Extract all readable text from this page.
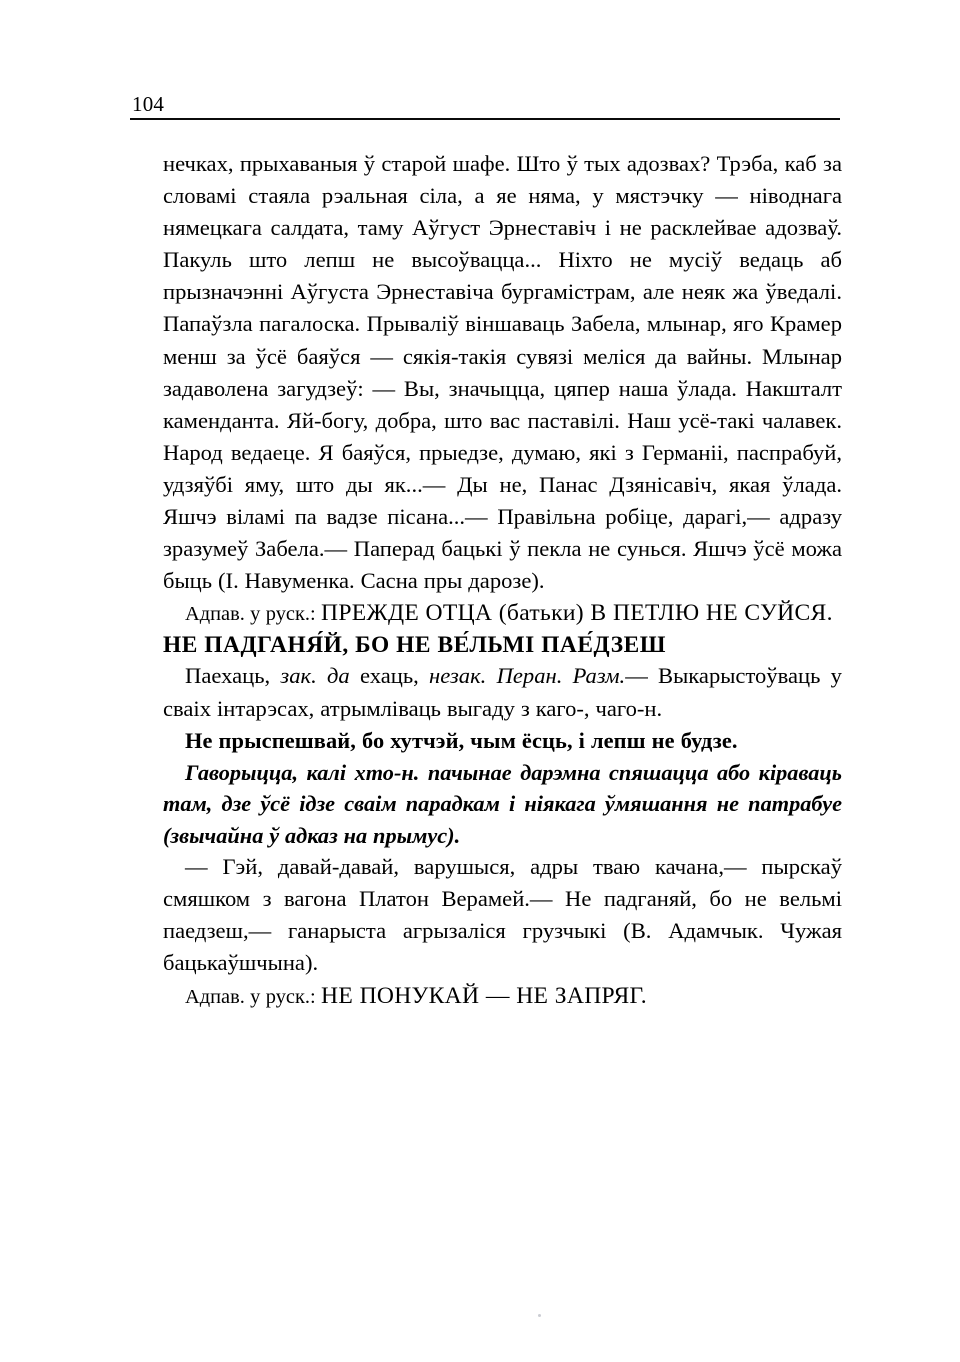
104

нечках, прыхаваныя ў старой шафе. Што ў тых адозвах? Трэба, каб за словамі стаяла рэальная сіла, а яе няма, у мястэчку — ніводнага нямецкага салдата, таму Аўгуст Эрнеставіч і не расклейвае адозваў. Пакуль што лепш не высоўвацца... Ніхто не мусіў ведаць аб прызначэнні Аўгуста Эрнеставіча бургамістрам, але неяк жа ўведалі. Папаўзла пагалоска. Прываліў віншаваць Забела, млынар, яго Крамер менш за ўсё баяўся — сякія-такія сувязі меліся да вайны. Млынар задаволена загудзеў: — Вы, значыцца, цяпер наша ўлада. Накшталт каменданта. Яй-богу, добра, што вас паставілі. Наш усё-такі чалавек. Народ ведаеце. Я баяўся, прыедзе, думаю, які з Германіі, паспрабуй, удзяўбі яму, што ды як...— Ды не, Панас Дзянісавіч, якая ўлада. Яшчэ віламі па вадзе пісана...— Правільна робіце, дарагі,— адразу зразумеў Забела.— Паперад бацькі ў пекла не сунься. Яшчэ ўсё можа быць (І. Навуменка. Сасна пры дарозе).

Адпав. у руск.: ПРЕЖДЕ ОТЦА (батьки) В ПЕТЛЮ НЕ СУЙСЯ.

НЕ ПАДГАНЯ́Й, БО НЕ ВЕ́ЛЬМІ ПАЕ́ДЗЕШ

Паехаць, зак. да ехаць, незак. Перан. Разм.— Выкарыстоўваць у сваіх інтарэсах, атрымліваць выгаду з каго-, чаго-н.

Не прыспешвай, бо хутчэй, чым ёсць, і лепш не будзе.

Гаворыцца, калі хто-н. пачынае дарэмна спяшацца або кіраваць там, дзе ўсё ідзе сваім парадкам і ніякага ўмяшання не патрабуе (звычайна ў адказ на прымус).

— Гэй, давай-давай, варушыся, адры тваю качана,— пырскаў смяшком з вагона Платон Верамей.— Не падганяй, бо не вельмі паедзеш,— ганарыста агрызаліся грузчыкі (В. Адамчык. Чужая бацькаўшчына).

Адпав. у руск.: НЕ ПОНУКАЙ — НЕ ЗАПРЯГ.
